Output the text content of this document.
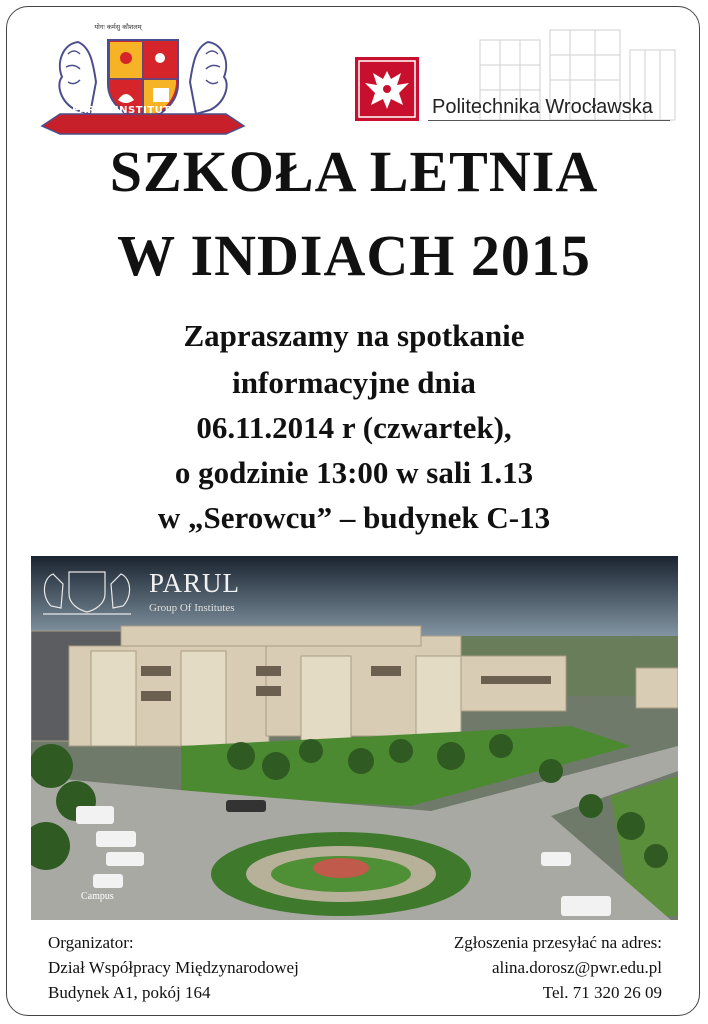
योगः कर्मसु कौशलम्
PARUL INSTITUTE	Politechnika Wrocławska
SZKOŁA LETNIA
W INDIACH 2015
Zapraszamy na spotkanie
informacyjne dnia
06.11.2014 r (czwartek),
o godzinie 13:00 w sali 1.13
w „Serowcu” – budynek C-13
PARUL
Group Of Institutes
Campus
Organizator:
Dział Współpracy Międzynarodowej
Budynek A1, pokój 164
Zgłoszenia przesyłać na adres:
alina.dorosz@pwr.edu.pl
Tel. 71 320 26 09
